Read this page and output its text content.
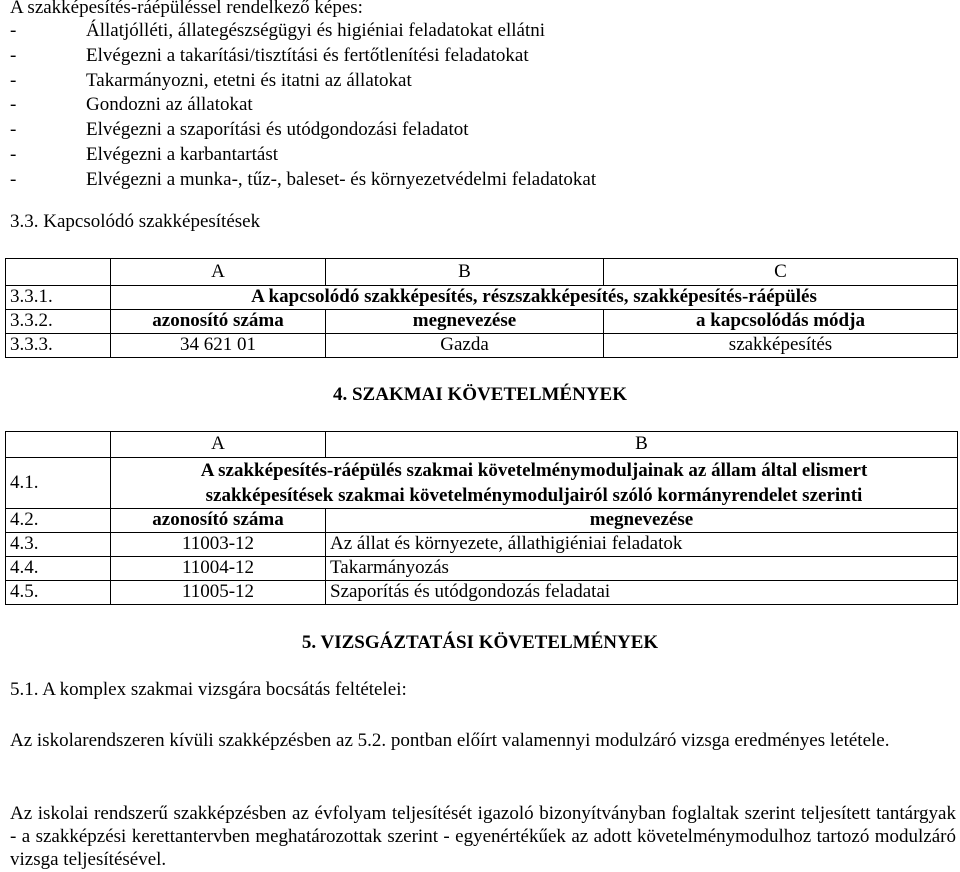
A szakképesítés-ráépüléssel rendelkező képes:
-	Állatjólléti, állategészségügyi és higiéniai feladatokat ellátni
-	Elvégezni a takarítási/tisztítási és fertőtlenítési feladatokat
-	Takarmányozni, etetni és itatni az állatokat
-	Gondozni az állatokat
-	Elvégezni a szaporítási és utódgondozási feladatot
-	Elvégezni a karbantartást
-	Elvégezni a munka-, tűz-, baleset- és környezetvédelmi feladatokat
3.3. Kapcsolódó szakképesítések
	A	B	C
3.3.1.	A kapcsolódó szakképesítés, részszakképesítés, szakképesítés-ráépülés		
3.3.2.	azonosító száma	megnevezése	a kapcsolódás módja
3.3.3.	34 621 01	Gazda	szakképesítés
4. SZAKMAI KÖVETELMÉNYEK
	A	B
4.1.	A szakképesítés-ráépülés szakmai követelménymoduljainak az állam által elismert
szakképesítések szakmai követelménymoduljairól szóló kormányrendelet szerinti	

4.2.	azonosító száma	megnevezése
4.3.	11003-12	Az állat és környezete, állathigiéniai feladatok
4.4.	11004-12	Takarmányozás
4.5.	11005-12	Szaporítás és utódgondozás feladatai
5. VIZSGÁZTATÁSI KÖVETELMÉNYEK
5.1. A komplex szakmai vizsgára bocsátás feltételei:
Az iskolarendszeren kívüli szakképzésben az 5.2. pontban előírt valamennyi modulzáró vizsga eredményes letétele.
Az iskolai rendszerű szakképzésben az évfolyam teljesítését igazoló bizonyítványban foglaltak szerint teljesített tantárgyak - a szakképzési kerettantervben meghatározottak szerint - egyenértékűek az adott követelménymodulhoz tartozó modulzáró vizsga teljesítésével.
